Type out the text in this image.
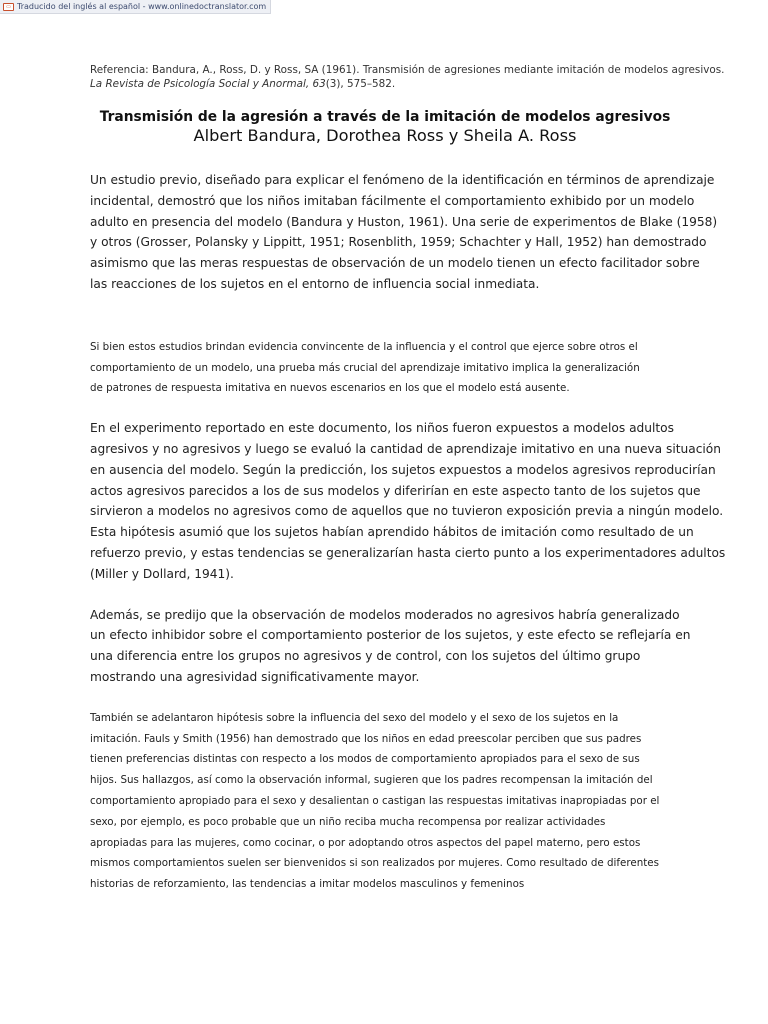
▭ Traducido del inglés al español - www.onlinedoctranslator.com
Referencia: Bandura, A., Ross, D. y Ross, SA (1961). Transmisión de agresiones mediante imitación de modelos agresivos.
La Revista de Psicología Social y Anormal, 63(3), 575–582.
Transmisión de la agresión a través de la imitación de modelos agresivos
Albert Bandura, Dorothea Ross y Sheila A. Ross

Un estudio previo, diseñado para explicar el fenómeno de la identificación en términos de aprendizaje

incidental, demostró que los niños imitaban fácilmente el comportamiento exhibido por un modelo

adulto en presencia del modelo (Bandura y Huston, 1961). Una serie de experimentos de Blake (1958)

y otros (Grosser, Polansky y Lippitt, 1951; Rosenblith, 1959; Schachter y Hall, 1952) han demostrado

asimismo que las meras respuestas de observación de un modelo tienen un efecto facilitador sobre

las reacciones de los sujetos en el entorno de influencia social inmediata.

Si bien estos estudios brindan evidencia convincente de la influencia y el control que ejerce sobre otros el

comportamiento de un modelo, una prueba más crucial del aprendizaje imitativo implica la generalización

de patrones de respuesta imitativa en nuevos escenarios en los que el modelo está ausente.

En el experimento reportado en este documento, los niños fueron expuestos a modelos adultos

agresivos y no agresivos y luego se evaluó la cantidad de aprendizaje imitativo en una nueva situación

en ausencia del modelo. Según la predicción, los sujetos expuestos a modelos agresivos reproducirían

actos agresivos parecidos a los de sus modelos y diferirían en este aspecto tanto de los sujetos que

sirvieron a modelos no agresivos como de aquellos que no tuvieron exposición previa a ningún modelo.

Esta hipótesis asumió que los sujetos habían aprendido hábitos de imitación como resultado de un

refuerzo previo, y estas tendencias se generalizarían hasta cierto punto a los experimentadores adultos

(Miller y Dollard, 1941).

Además, se predijo que la observación de modelos moderados no agresivos habría generalizado

un efecto inhibidor sobre el comportamiento posterior de los sujetos, y este efecto se reflejaría en

una diferencia entre los grupos no agresivos y de control, con los sujetos del último grupo

mostrando una agresividad significativamente mayor.

También se adelantaron hipótesis sobre la influencia del sexo del modelo y el sexo de los sujetos en la

imitación. Fauls y Smith (1956) han demostrado que los niños en edad preescolar perciben que sus padres

tienen preferencias distintas con respecto a los modos de comportamiento apropiados para el sexo de sus

hijos. Sus hallazgos, así como la observación informal, sugieren que los padres recompensan la imitación del

comportamiento apropiado para el sexo y desalientan o castigan las respuestas imitativas inapropiadas por el

sexo, por ejemplo, es poco probable que un niño reciba mucha recompensa por realizar actividades

apropiadas para las mujeres, como cocinar, o por adoptando otros aspectos del papel materno, pero estos

mismos comportamientos suelen ser bienvenidos si son realizados por mujeres. Como resultado de diferentes

historias de reforzamiento, las tendencias a imitar modelos masculinos y femeninos
